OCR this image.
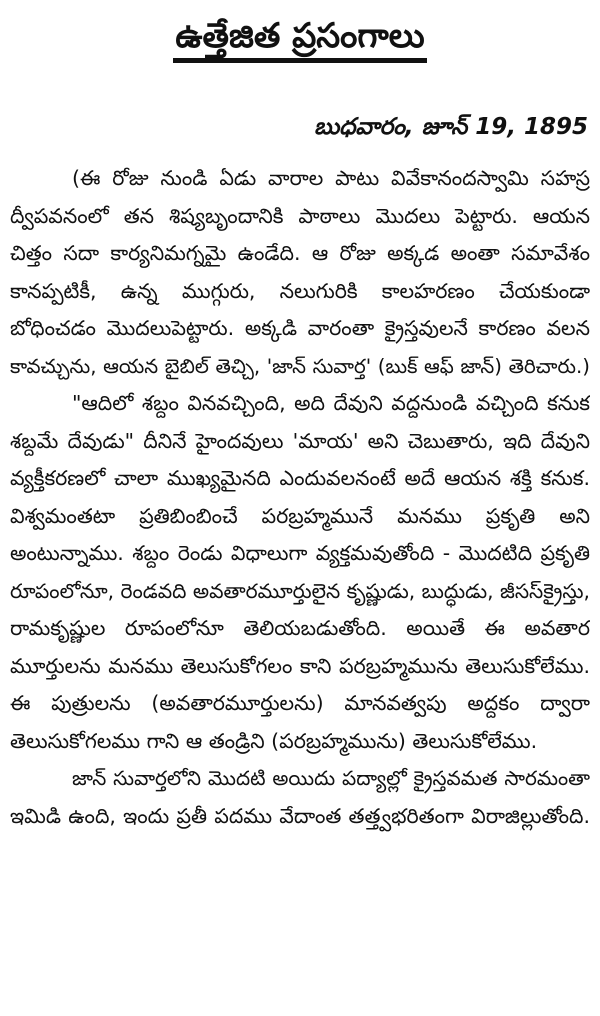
ఉత్తేజిత ప్రసంగాలు
బుధవారం, జూన్ 19, 1895
(ఈ రోజు నుండి ఏడు వారాల పాటు వివేకానందస్వామి సహస్ర
ద్వీపవనంలో తన శిష్యబృందానికి పాఠాలు మొదలు పెట్టారు. ఆయన
చిత్తం సదా కార్యనిమగ్నమై ఉండేది. ఆ రోజు అక్కడ అంతా సమావేశం
కానప్పటికీ, ఉన్న ముగ్గురు, నలుగురికి కాలహరణం చేయకుండా
బోధించడం మొదలుపెట్టారు. అక్కడి వారంతా క్రైస్తవులనే కారణం వలన
కావచ్చును, ఆయన బైబిల్ తెచ్చి, 'జాన్ సువార్త' (బుక్ ఆఫ్ జాన్) తెరిచారు.)
"ఆదిలో శబ్దం వినవచ్చింది, అది దేవుని వద్దనుండి వచ్చింది కనుక
శబ్దమే దేవుడు" దీనినే హైందవులు 'మాయ' అని చెబుతారు, ఇది దేవుని
వ్యక్తీకరణలో చాలా ముఖ్యమైనది ఎందువలనంటే అదే ఆయన శక్తి కనుక.
విశ్వమంతటా ప్రతిబింబించే పరబ్రహ్మమునే మనము ప్రకృతి అని
అంటున్నాము. శబ్దం రెండు విధాలుగా వ్యక్తమవుతోంది - మొదటిది ప్రకృతి
రూపంలోనూ, రెండవది అవతారమూర్తులైన కృష్ణుడు, బుద్ధుడు, జీసస్‌క్రైస్తు,
రామకృష్ణుల రూపంలోనూ తెలియబడుతోంది. అయితే ఈ అవతార
మూర్తులను మనము తెలుసుకోగలం కాని పరబ్రహ్మమును తెలుసుకోలేము.
ఈ పుత్రులను (అవతారమూర్తులను) మానవత్వపు అద్దకం ద్వారా
తెలుసుకోగలము గాని ఆ తండ్రిని (పరబ్రహ్మమును) తెలుసుకోలేము.
జాన్ సువార్తలోని మొదటి అయిదు పద్యాల్లో క్రైస్తవమత సారమంతా
ఇమిడి ఉంది, ఇందు ప్రతీ పదము వేదాంత తత్త్వభరితంగా విరాజిల్లుతోంది.
